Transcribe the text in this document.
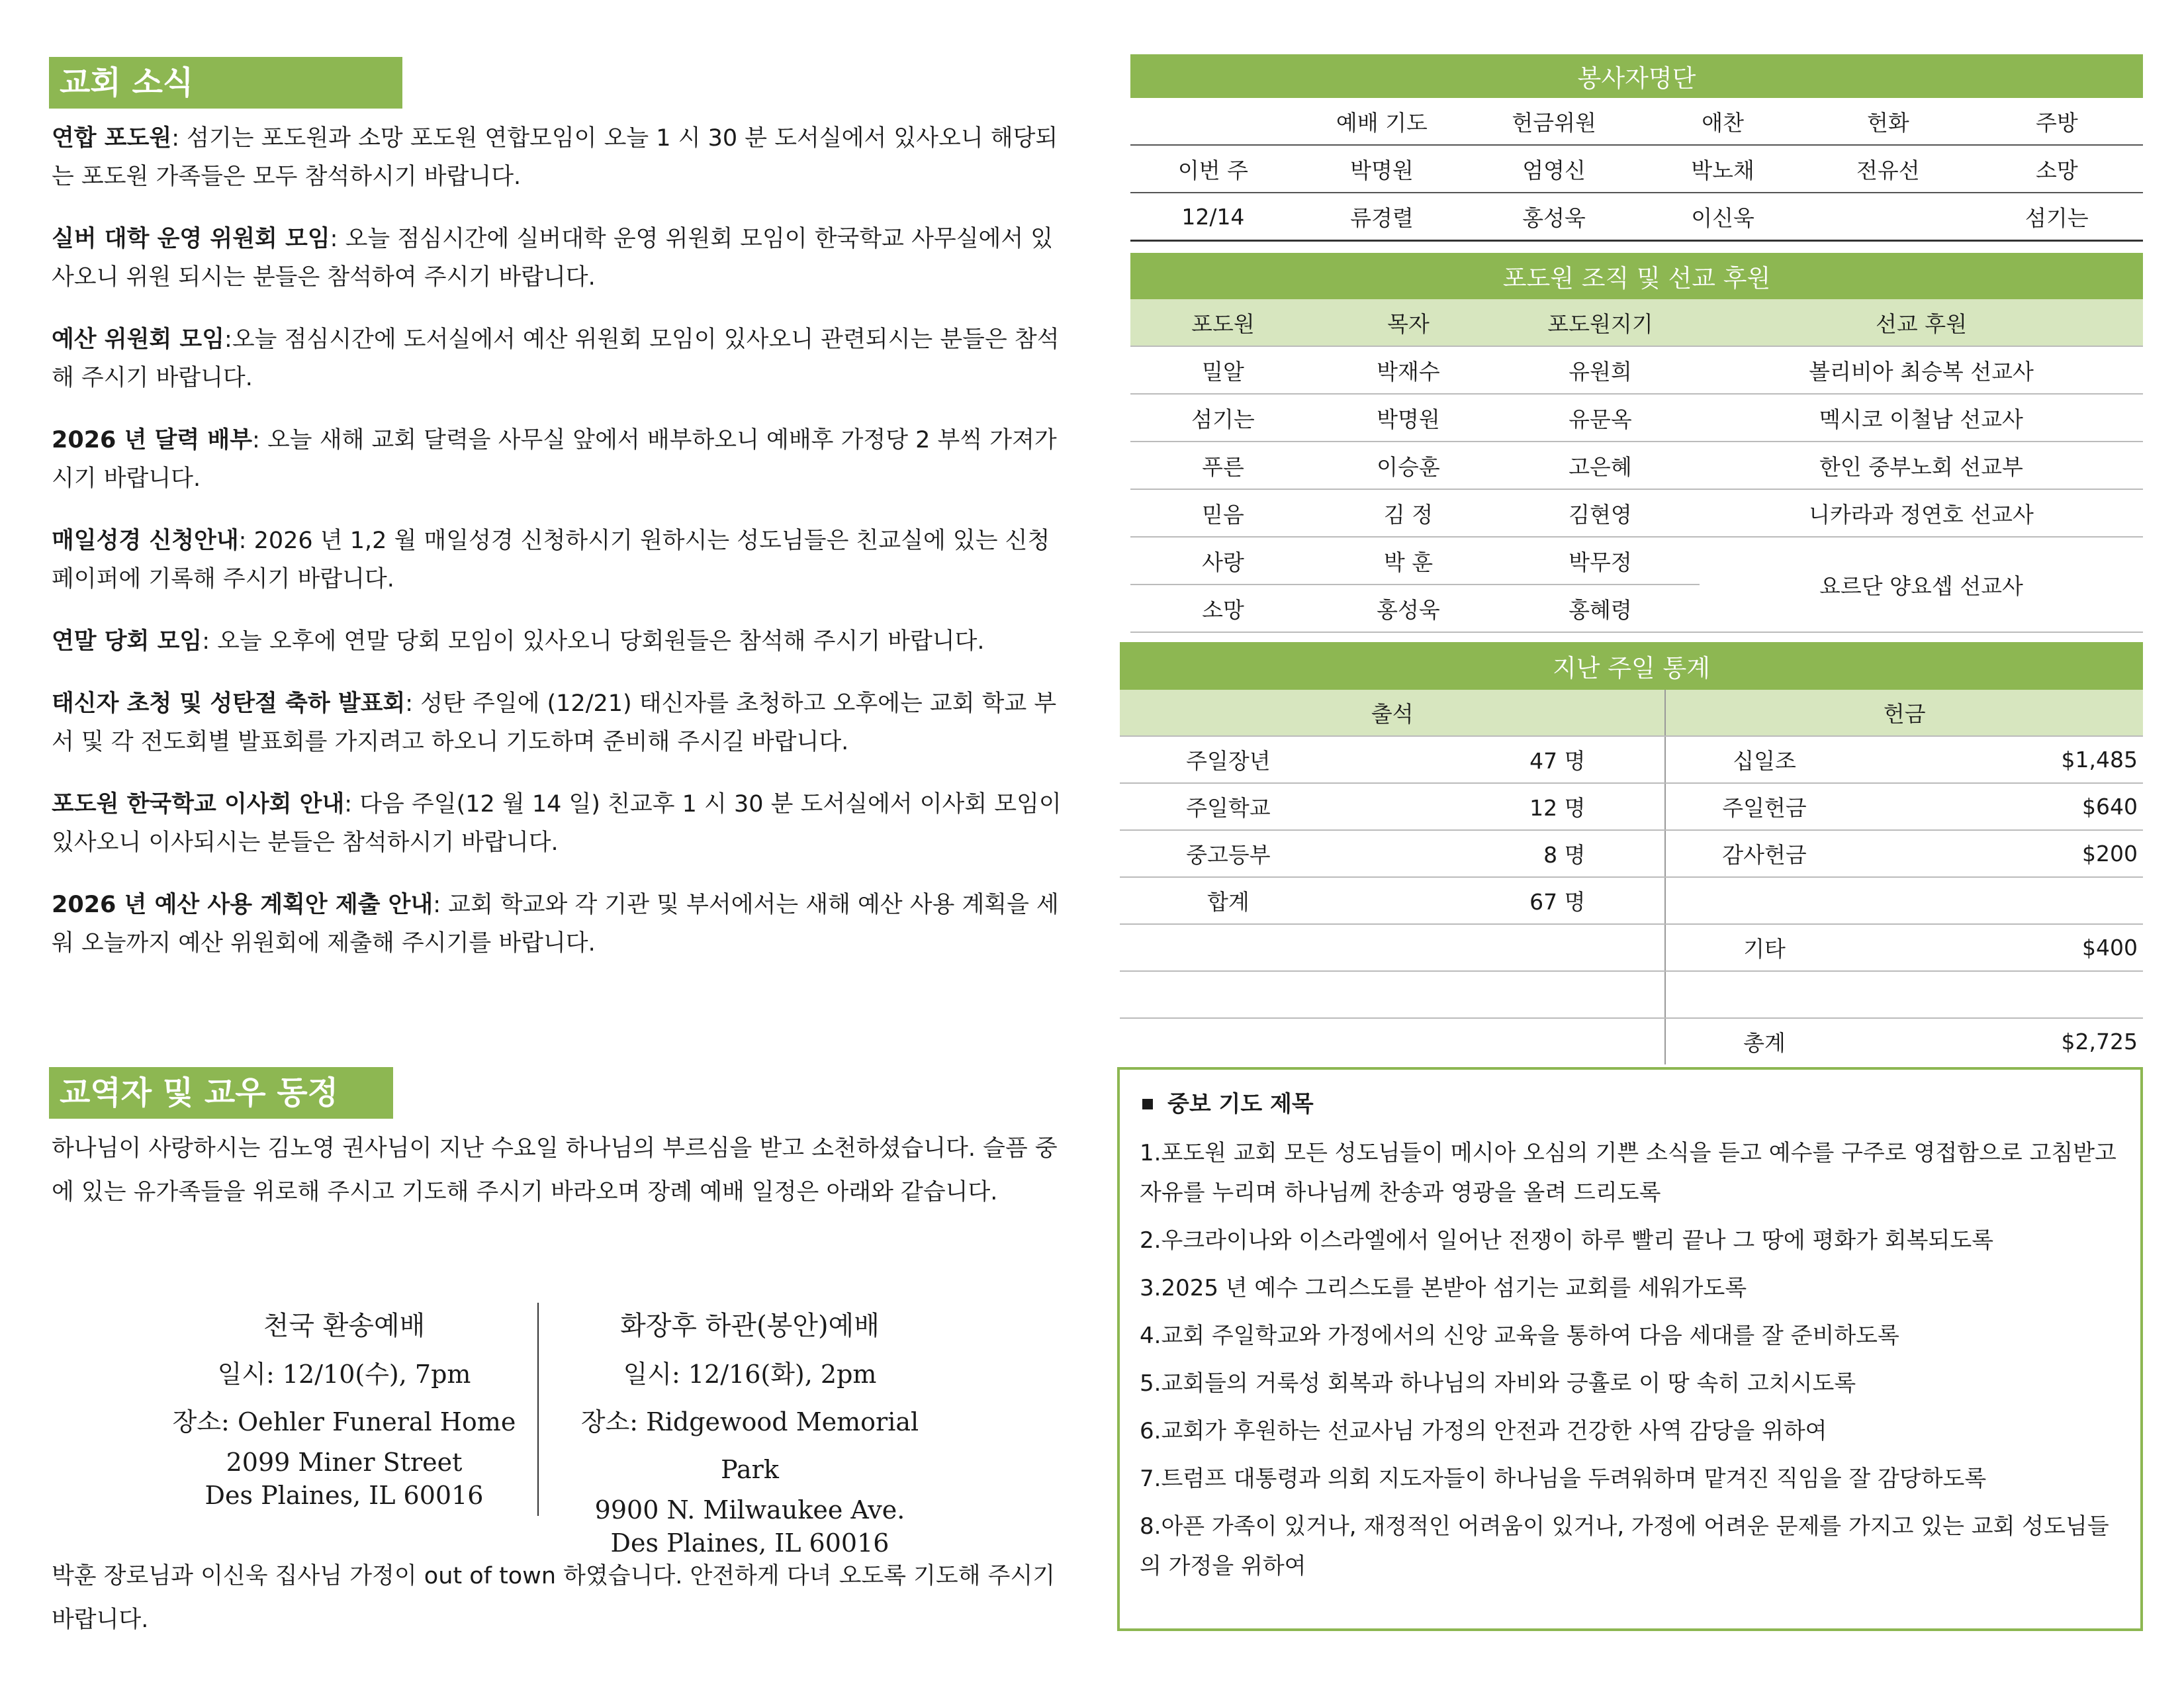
교회 소식
연합 포도원: 섬기는 포도원과 소망 포도원 연합모임이 오늘 1 시 30 분 도서실에서 있사오니 해당되는 포도원 가족들은 모두 참석하시기 바랍니다.
실버 대학 운영 위원회 모임: 오늘 점심시간에 실버대학 운영 위원회 모임이 한국학교 사무실에서 있사오니 위원 되시는 분들은 참석하여 주시기 바랍니다.
예산 위원회 모임:오늘 점심시간에 도서실에서 예산 위원회 모임이 있사오니 관련되시는 분들은 참석해 주시기 바랍니다.
2026 년 달력 배부: 오늘 새해 교회 달력을 사무실 앞에서 배부하오니 예배후 가정당 2 부씩 가져가시기 바랍니다.
매일성경 신청안내: 2026 년 1,2 월 매일성경 신청하시기 원하시는 성도님들은 친교실에 있는 신청 페이퍼에 기록해 주시기 바랍니다.
연말 당회 모임: 오늘 오후에 연말 당회 모임이 있사오니 당회원들은 참석해 주시기 바랍니다.
태신자 초청 및 성탄절 축하 발표회: 성탄 주일에 (12/21) 태신자를 초청하고 오후에는 교회 학교 부서 및 각 전도회별 발표회를 가지려고 하오니 기도하며 준비해 주시길 바랍니다.
포도원 한국학교 이사회 안내: 다음 주일(12 월 14 일) 친교후 1 시 30 분 도서실에서 이사회 모임이 있사오니 이사되시는 분들은 참석하시기 바랍니다.
2026 년 예산 사용 계획안 제출 안내: 교회 학교와 각 기관 및 부서에서는 새해 예산 사용 계획을 세워 오늘까지 예산 위원회에 제출해 주시기를 바랍니다.
교역자 및 교우 동정
하나님이 사랑하시는 김노영 권사님이 지난 수요일 하나님의 부르심을 받고 소천하셨습니다. 슬픔 중에 있는 유가족들을 위로해 주시고 기도해 주시기 바라오며 장례 예배 일정은 아래와 같습니다.
천국 환송예배
일시: 12/10(수), 7pm
장소: Oehler Funeral Home
2099 Miner Street
Des Plaines, IL 60016
화장후 하관(봉안)예배
일시: 12/16(화), 2pm
장소: Ridgewood Memorial Park
9900 N. Milwaukee Ave.
Des Plaines, IL 60016
박훈 장로님과 이신욱 집사님 가정이 out of town 하였습니다. 안전하게 다녀 오도록 기도해 주시기 바랍니다.
봉사자명단					
	예배 기도	헌금위원	애찬	헌화	주방
이번 주	박명원	엄영신	박노채	전유선	소망
12/14	류경렬	홍성욱	이신욱		섬기는
포도원 조직 및 선교 후원			
포도원	목자	포도원지기	선교 후원
밀알	박재수	유원희	볼리비아 최승복 선교사
섬기는	박명원	유문옥	멕시코 이철남 선교사
푸른	이승훈	고은혜	한인 중부노회 선교부
믿음	김 정	김현영	니카라과 정연호 선교사
사랑	박 훈	박무정	요르단 양요셉 선교사
소망	홍성욱	홍혜령	
지난 주일 통계			
출석		헌금	
주일장년	47 명	십일조	$1,485
주일학교	12 명	주일헌금	$640
중고등부	8 명	감사헌금	$200
합계	67 명		
		기타	$400

		총계	$2,725
중보 기도 제목
1.포도원 교회 모든 성도님들이 메시아 오심의 기쁜 소식을 듣고 예수를 구주로 영접함으로 고침받고 자유를 누리며 하나님께 찬송과 영광을 올려 드리도록
2.우크라이나와 이스라엘에서 일어난 전쟁이 하루 빨리 끝나 그 땅에 평화가 회복되도록
3.2025 년 예수 그리스도를 본받아 섬기는 교회를 세워가도록
4.교회 주일학교와 가정에서의 신앙 교육을 통하여 다음 세대를 잘 준비하도록
5.교회들의 거룩성 회복과 하나님의 자비와 긍휼로 이 땅 속히 고치시도록
6.교회가 후원하는 선교사님 가정의 안전과 건강한 사역 감당을 위하여
7.트럼프 대통령과 의회 지도자들이 하나님을 두려워하며 맡겨진 직임을 잘 감당하도록
8.아픈 가족이 있거나, 재정적인 어려움이 있거나, 가정에 어려운 문제를 가지고 있는 교회 성도님들의 가정을 위하여
